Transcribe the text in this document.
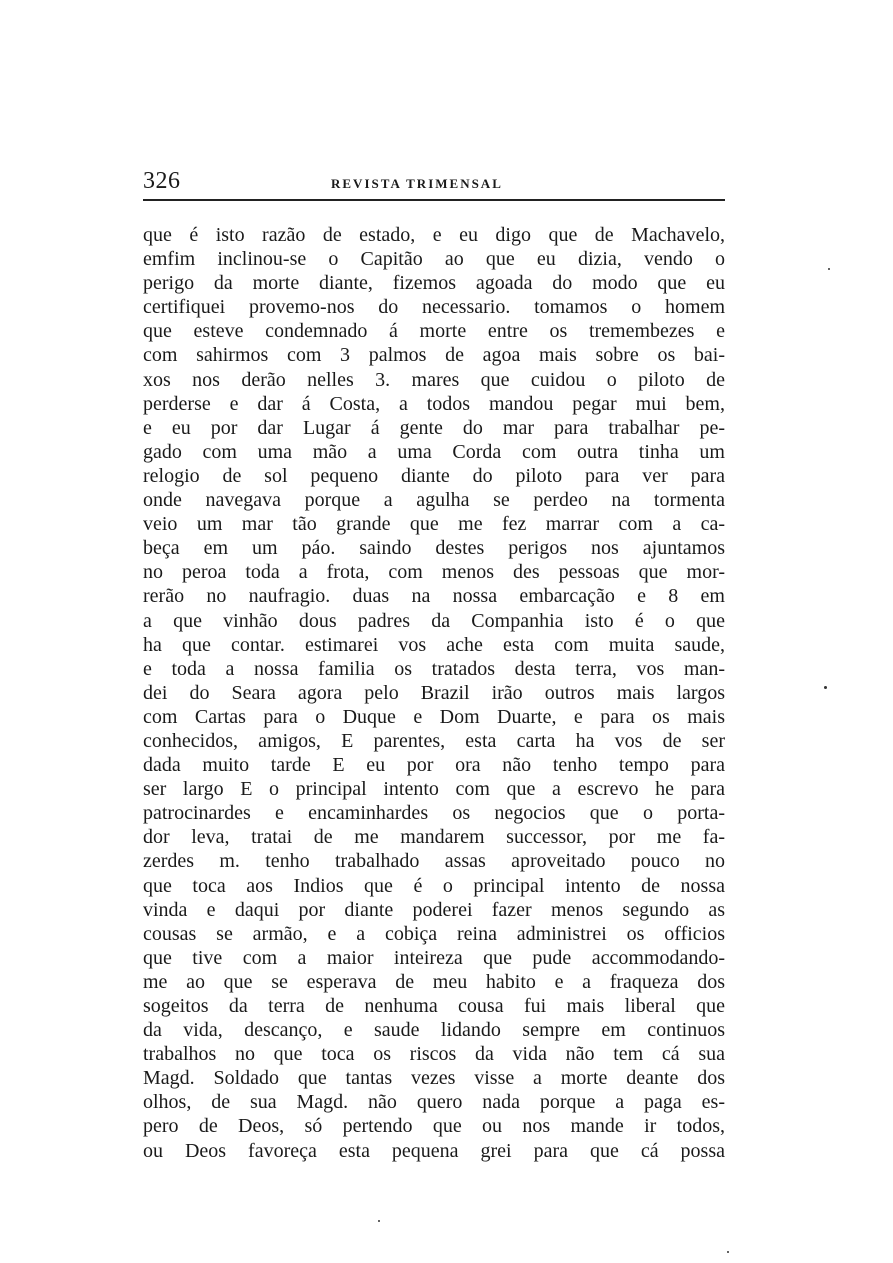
326	REVISTA TRIMENSAL
que é isto razão de estado, e eu digo que de Machavelo,
emfim inclinou-se o Capitão ao que eu dizia, vendo o
perigo da morte diante, fizemos agoada do modo que eu
certifiquei provemo-nos do necessario. tomamos o homem
que esteve condemnado á morte entre os tremembezes e
com sahirmos com 3 palmos de agoa mais sobre os bai-
xos nos derão nelles 3. mares que cuidou o piloto de
perderse e dar á Costa, a todos mandou pegar mui bem,
e eu por dar Lugar á gente do mar para trabalhar pe-
gado com uma mão a uma Corda com outra tinha um
relogio de sol pequeno diante do piloto para ver para
onde navegava porque a agulha se perdeo na tormenta
veio um mar tão grande que me fez marrar com a ca-
beça em um páo. saindo destes perigos nos ajuntamos
no peroa toda a frota, com menos des pessoas que mor-
rerão no naufragio. duas na nossa embarcação e 8 em
a que vinhão dous padres da Companhia isto é o que
ha que contar. estimarei vos ache esta com muita saude,
e toda a nossa familia os tratados desta terra, vos man-
dei do Seara agora pelo Brazil irão outros mais largos
com Cartas para o Duque e Dom Duarte, e para os mais
conhecidos, amigos, E parentes, esta carta ha vos de ser
dada muito tarde E eu por ora não tenho tempo para
ser largo E o principal intento com que a escrevo he para
patrocinardes e encaminhardes os negocios que o porta-
dor leva, tratai de me mandarem successor, por me fa-
zerdes m. tenho trabalhado assas aproveitado pouco no
que toca aos Indios que é o principal intento de nossa
vinda e daqui por diante poderei fazer menos segundo as
cousas se armão, e a cobiça reina administrei os officios
que tive com a maior inteireza que pude accommodando-
me ao que se esperava de meu habito e a fraqueza dos
sogeitos da terra de nenhuma cousa fui mais liberal que
da vida, descanço, e saude lidando sempre em continuos
trabalhos no que toca os riscos da vida não tem cá sua
Magd. Soldado que tantas vezes visse a morte deante dos
olhos, de sua Magd. não quero nada porque a paga es-
pero de Deos, só pertendo que ou nos mande ir todos,
ou Deos favoreça esta pequena grei para que cá possa
